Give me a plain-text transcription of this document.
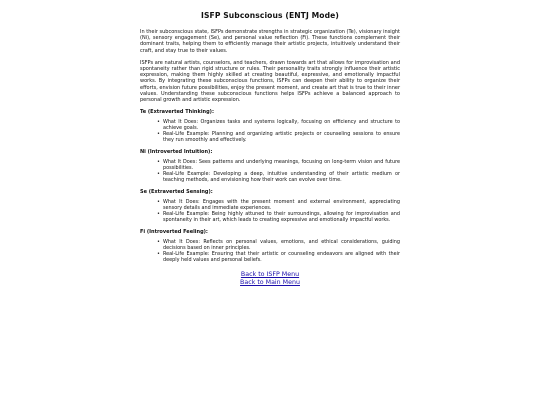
ISFP Subconscious (ENTJ Mode)

In their subconscious state, ISFPs demonstrate strengths in strategic organization (Te), visionary insight (Ni), sensory engagement (Se), and personal value reflection (Fi). These functions complement their dominant traits, helping them to efficiently manage their artistic projects, intuitively understand their craft, and stay true to their values.

ISFPs are natural artists, counselors, and teachers, drawn towards art that allows for improvisation and spontaneity rather than rigid structure or rules. Their personality traits strongly influence their artistic expression, making them highly skilled at creating beautiful, expressive, and emotionally impactful works. By integrating these subconscious functions, ISFPs can deepen their ability to organize their efforts, envision future possibilities, enjoy the present moment, and create art that is true to their inner values. Understanding these subconscious functions helps ISFPs achieve a balanced approach to personal growth and artistic expression.

Te (Extraverted Thinking):
• What It Does: Organizes tasks and systems logically, focusing on efficiency and structure to achieve goals.
• Real-Life Example: Planning and organizing artistic projects or counseling sessions to ensure they run smoothly and effectively.
Ni (Introverted Intuition):
• What It Does: Sees patterns and underlying meanings, focusing on long-term vision and future possibilities.
• Real-Life Example: Developing a deep, intuitive understanding of their artistic medium or teaching methods, and envisioning how their work can evolve over time.
Se (Extraverted Sensing):
• What It Does: Engages with the present moment and external environment, appreciating sensory details and immediate experiences.
• Real-Life Example: Being highly attuned to their surroundings, allowing for improvisation and spontaneity in their art, which leads to creating expressive and emotionally impactful works.
Fi (Introverted Feeling):
• What It Does: Reflects on personal values, emotions, and ethical considerations, guiding decisions based on inner principles.
• Real-Life Example: Ensuring that their artistic or counseling endeavors are aligned with their deeply held values and personal beliefs.
Back to ISFP Menu
Back to Main Menu
